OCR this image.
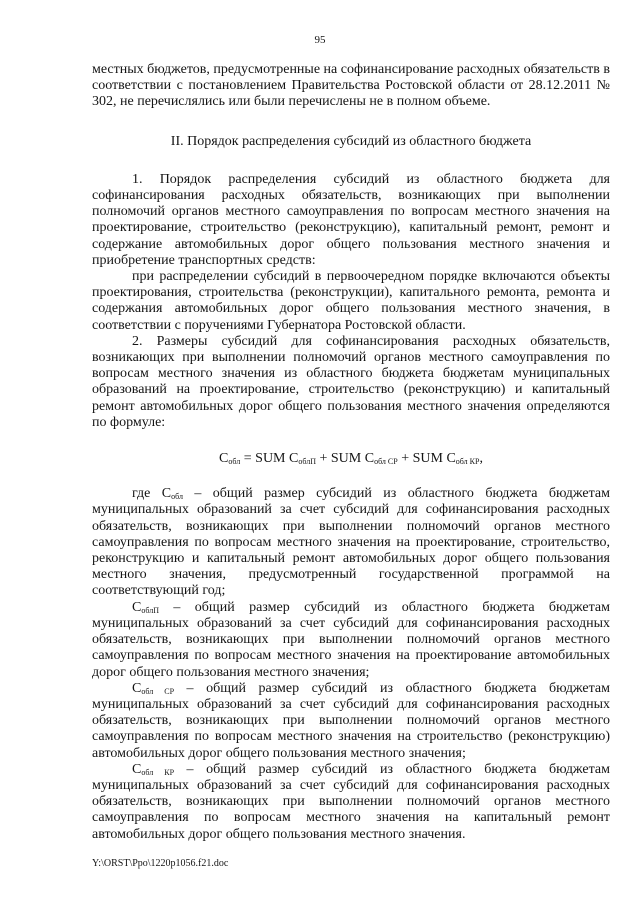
95

местных бюджетов, предусмотренные на софинансирование расходных обязательств в соответствии с постановлением Правительства Ростовской области от 28.12.2011 № 302, не перечислялись или были перечислены не в полном объеме.

II. Порядок распределения субсидий из областного бюджета

1. Порядок распределения субсидий из областного бюджета для софинансирования расходных обязательств, возникающих при выполнении полномочий органов местного самоуправления по вопросам местного значения на проектирование, строительство (реконструкцию), капитальный ремонт, ремонт и содержание автомобильных дорог общего пользования местного значения и приобретение транспортных средств:

при распределении субсидий в первоочередном порядке включаются объекты проектирования, строительства (реконструкции), капитального ремонта, ремонта и содержания автомобильных дорог общего пользования местного значения, в соответствии с поручениями Губернатора Ростовской области.

2. Размеры субсидий для софинансирования расходных обязательств, возникающих при выполнении полномочий органов местного самоуправления по вопросам местного значения из областного бюджета бюджетам муниципальных образований на проектирование, строительство (реконструкцию) и капитальный ремонт автомобильных дорог общего пользования местного значения определяются по формуле:

$С_{обл}$ = SUM $С_{облП}$ + SUM $С_{обл СР}$ + SUM $С_{обл КР}$,

где $С_{обл}$ – общий размер субсидий из областного бюджета бюджетам муниципальных образований за счет субсидий для софинансирования расходных обязательств, возникающих при выполнении полномочий органов местного самоуправления по вопросам местного значения на проектирование, строительство, реконструкцию и капитальный ремонт автомобильных дорог общего пользования местного значения, предусмотренный государственной программой на соответствующий год;

$С_{облП}$ – общий размер субсидий из областного бюджета бюджетам муниципальных образований за счет субсидий для софинансирования расходных обязательств, возникающих при выполнении полномочий органов местного самоуправления по вопросам местного значения на проектирование автомобильных дорог общего пользования местного значения;

$С_{обл СР}$ – общий размер субсидий из областного бюджета бюджетам муниципальных образований за счет субсидий для софинансирования расходных обязательств, возникающих при выполнении полномочий органов местного самоуправления по вопросам местного значения на строительство (реконструкцию) автомобильных дорог общего пользования местного значения;

$С_{обл КР}$ – общий размер субсидий из областного бюджета бюджетам муниципальных образований за счет субсидий для софинансирования расходных обязательств, возникающих при выполнении полномочий органов местного самоуправления по вопросам местного значения на капитальный ремонт автомобильных дорог общего пользования местного значения.

Y:\ORST\Ppo\1220p1056.f21.doc
